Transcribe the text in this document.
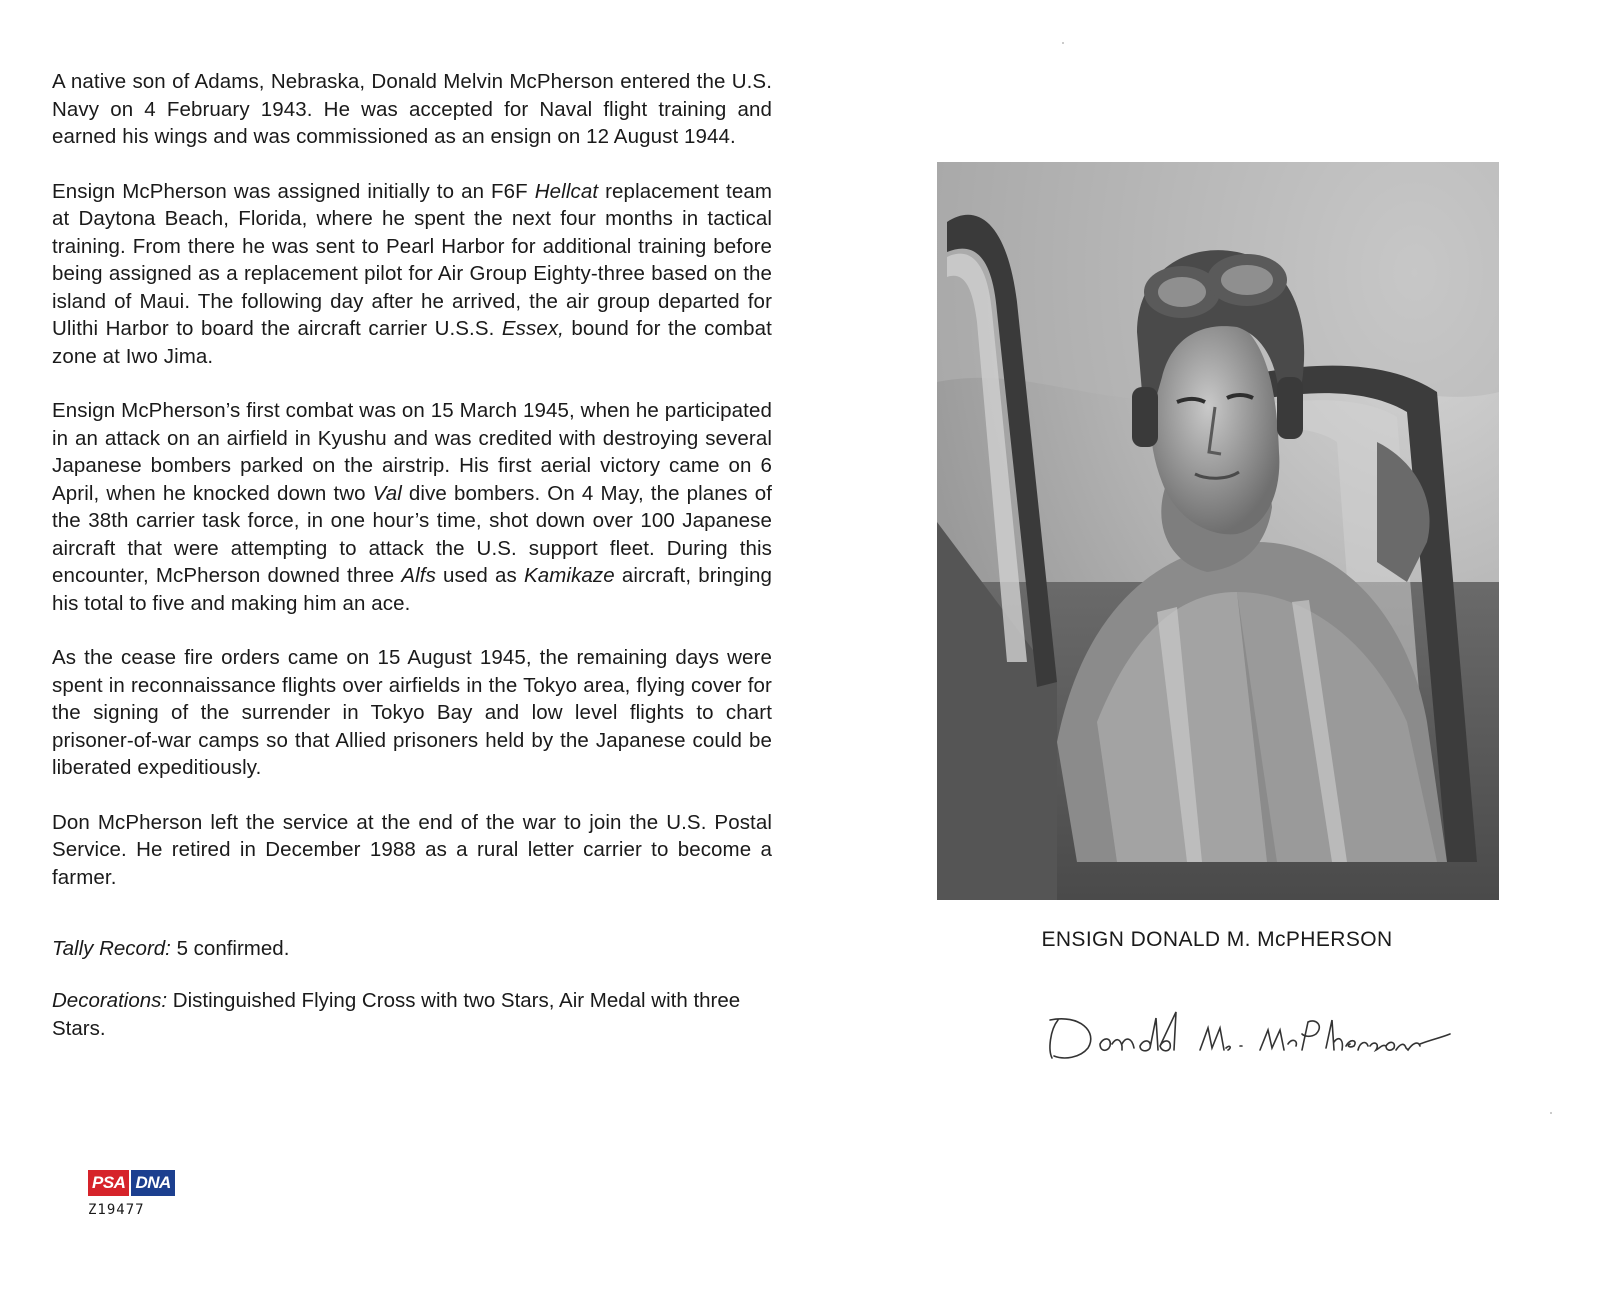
A native son of Adams, Nebraska, Donald Melvin McPherson entered the U.S. Navy on 4 February 1943. He was accepted for Naval flight training and earned his wings and was commissioned as an ensign on 12 August 1944.

Ensign McPherson was assigned initially to an F6F Hellcat replacement team at Daytona Beach, Florida, where he spent the next four months in tactical training. From there he was sent to Pearl Harbor for additional training before being assigned as a replacement pilot for Air Group Eighty-three based on the island of Maui. The following day after he arrived, the air group departed for Ulithi Harbor to board the aircraft carrier U.S.S. Essex, bound for the combat zone at Iwo Jima.

Ensign McPherson’s first combat was on 15 March 1945, when he participated in an attack on an airfield in Kyushu and was credited with destroying several Japanese bombers parked on the airstrip. His first aerial victory came on 6 April, when he knocked down two Val dive bombers. On 4 May, the planes of the 38th carrier task force, in one hour’s time, shot down over 100 Japanese aircraft that were attempting to attack the U.S. support fleet. During this encounter, McPherson downed three Alfs used as Kamikaze aircraft, bringing his total to five and making him an ace.

As the cease fire orders came on 15 August 1945, the remaining days were spent in reconnaissance flights over airfields in the Tokyo area, flying cover for the signing of the surrender in Tokyo Bay and low level flights to chart prisoner-of-war camps so that Allied prisoners held by the Japanese could be liberated expeditiously.

Don McPherson left the service at the end of the war to join the U.S. Postal Service. He retired in December 1988 as a rural letter carrier to become a farmer.

Tally Record: 5 confirmed.

Decorations: Distinguished Flying Cross with two Stars, Air Medal with three Stars.

ENSIGN DONALD M. McPHERSON
PSA DNA
Z19477
